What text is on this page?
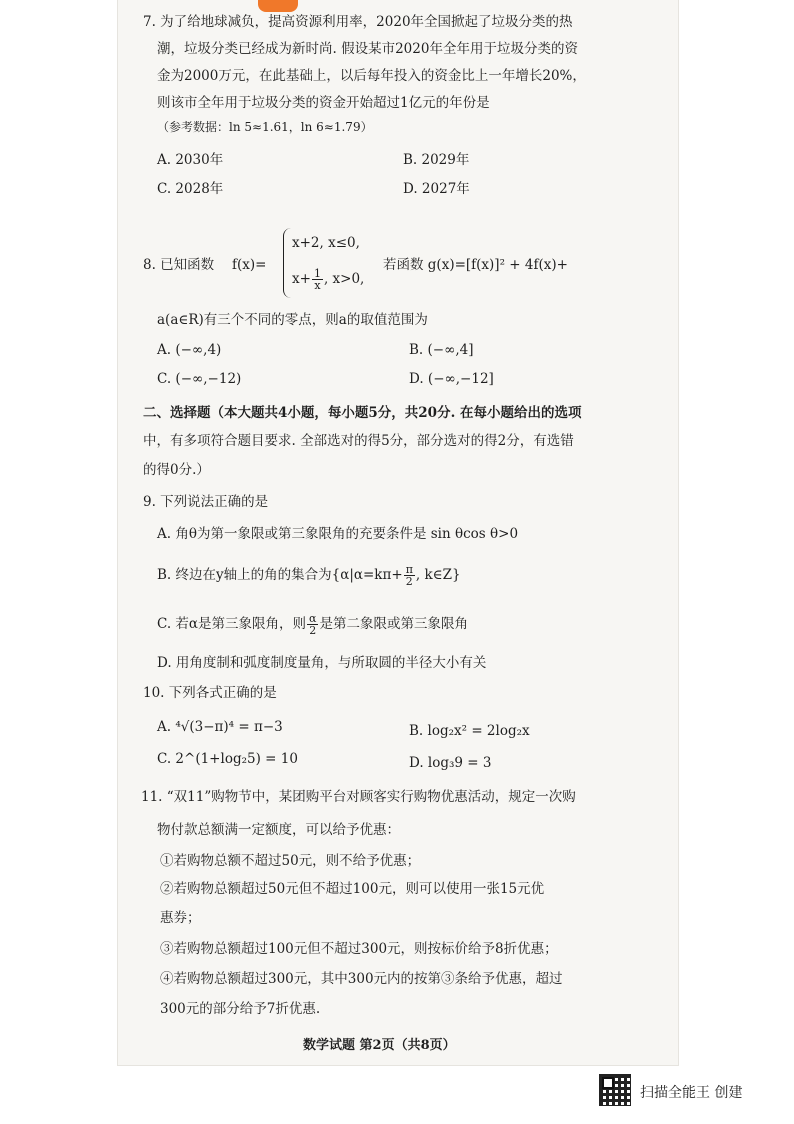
7. 为了给地球减负，提高资源利用率，2020年全国掀起了垃圾分类的热
潮，垃圾分类已经成为新时尚. 假设某市2020年全年用于垃圾分类的资
金为2000万元，在此基础上，以后每年投入的资金比上一年增长20%，
则该市全年用于垃圾分类的资金开始超过1亿元的年份是
（参考数据：ln 5≈1.61，ln 6≈1.79）
A. 2030年	B. 2029年
C. 2028年	D. 2027年
8. 已知函数 f(x)=
x+2, x≤0,
$x+ \frac{1}{x}$ , x>0,
若函数 g(x)=[f(x)]² + 4f(x)+
a(a∈R)有三个不同的零点，则a的取值范围为
A. (−∞,4)	B. (−∞,4]
C. (−∞,−12)	D. (−∞,−12]
二、选择题（本大题共4小题，每小题5分，共20分. 在每小题给出的选项
中，有多项符合题目要求. 全部选对的得5分，部分选对的得2分，有选错
的得0分.）
9. 下列说法正确的是
A. 角θ为第一象限或第三象限角的充要条件是 sin θcos θ>0
B. 终边在y轴上的角的集合为{$\alpha|\alpha=k\pi+ \frac{\pi}{2}$ , k∈Z}
C. 若α是第三象限角，则 $\frac{\alpha}{2}$ 是第二象限或第三象限角
D. 用角度制和弧度制度量角，与所取圆的半径大小有关
10. 下列各式正确的是
A. ⁴√(3−π)⁴ = π−3	B. log₂x² = 2log₂x
C. 2^(1+log₂5) = 10	D. log₃9 = 3
11. “双11”购物节中，某团购平台对顾客实行购物优惠活动，规定一次购
物付款总额满一定额度，可以给予优惠：
①若购物总额不超过50元，则不给予优惠；
②若购物总额超过50元但不超过100元，则可以使用一张15元优
惠券；
③若购物总额超过100元但不超过300元，则按标价给予8折优惠；
④若购物总额超过300元，其中300元内的按第③条给予优惠，超过
300元的部分给予7折优惠.
数学试题 第2页（共8页）
扫描全能王 创建
